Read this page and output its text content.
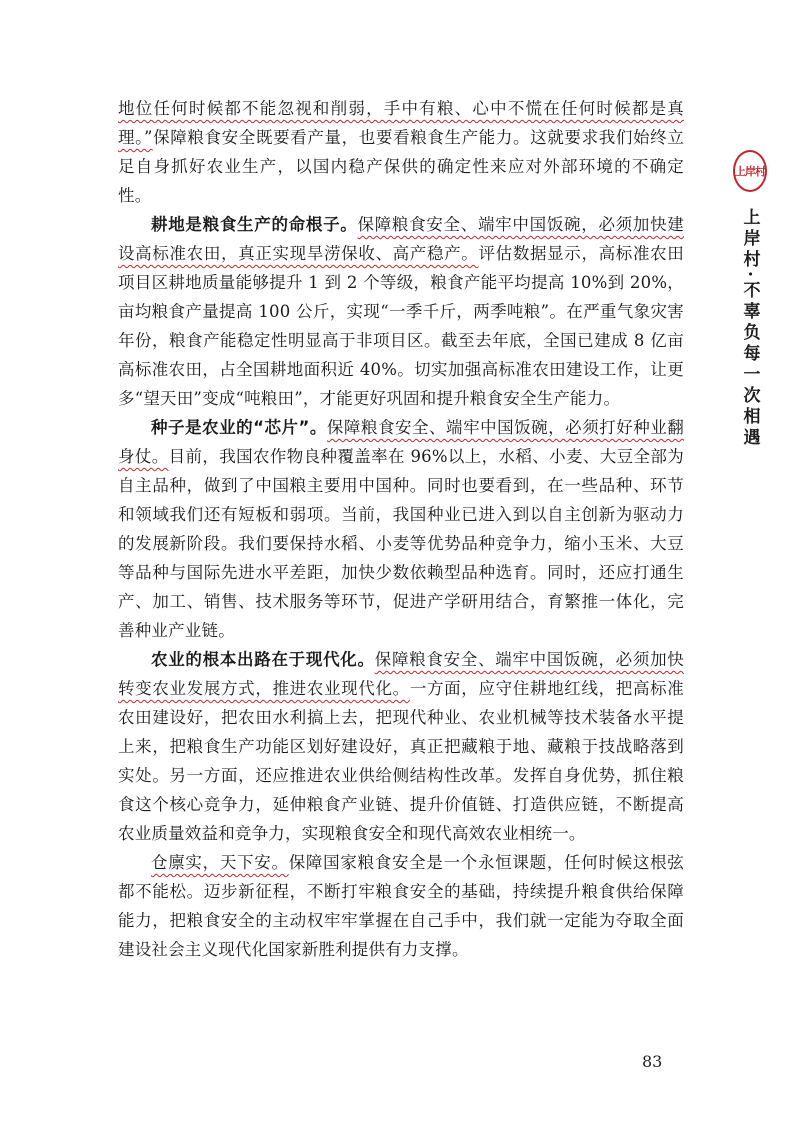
地位任何时候都不能忽视和削弱，手中有粮、心中不慌在任何时候都是真理。”保障粮食安全既要看产量，也要看粮食生产能力。这就要求我们始终立足自身抓好农业生产，以国内稳产保供的确定性来应对外部环境的不确定性。

耕地是粮食生产的命根子。保障粮食安全、端牢中国饭碗，必须加快建设高标准农田，真正实现旱涝保收、高产稳产。评估数据显示，高标准农田项目区耕地质量能够提升 1 到 2 个等级，粮食产能平均提高 10%到 20%，亩均粮食产量提高 100 公斤，实现“一季千斤，两季吨粮”。在严重气象灾害年份，粮食产能稳定性明显高于非项目区。截至去年底，全国已建成 8 亿亩高标准农田，占全国耕地面积近 40%。切实加强高标准农田建设工作，让更多“望天田”变成“吨粮田”，才能更好巩固和提升粮食安全生产能力。

种子是农业的“芯片”。保障粮食安全、端牢中国饭碗，必须打好种业翻身仗。目前，我国农作物良种覆盖率在 96%以上，水稻、小麦、大豆全部为自主品种，做到了中国粮主要用中国种。同时也要看到，在一些品种、环节和领域我们还有短板和弱项。当前，我国种业已进入到以自主创新为驱动力的发展新阶段。我们要保持水稻、小麦等优势品种竞争力，缩小玉米、大豆等品种与国际先进水平差距，加快少数依赖型品种选育。同时，还应打通生产、加工、销售、技术服务等环节，促进产学研用结合，育繁推一体化，完善种业产业链。

农业的根本出路在于现代化。保障粮食安全、端牢中国饭碗，必须加快转变农业发展方式，推进农业现代化。一方面，应守住耕地红线，把高标准农田建设好，把农田水利搞上去，把现代种业、农业机械等技术装备水平提上来，把粮食生产功能区划好建设好，真正把藏粮于地、藏粮于技战略落到实处。另一方面，还应推进农业供给侧结构性改革。发挥自身优势，抓住粮食这个核心竞争力，延伸粮食产业链、提升价值链、打造供应链，不断提高农业质量效益和竞争力，实现粮食安全和现代高效农业相统一。

仓廪实，天下安。保障国家粮食安全是一个永恒课题，任何时候这根弦都不能松。迈步新征程，不断打牢粮食安全的基础，持续提升粮食供给保障能力，把粮食安全的主动权牢牢掌握在自己手中，我们就一定能为夺取全面建设社会主义现代化国家新胜利提供有力支撑。

上岸村
上岸村·不辜负每一次相遇
83
